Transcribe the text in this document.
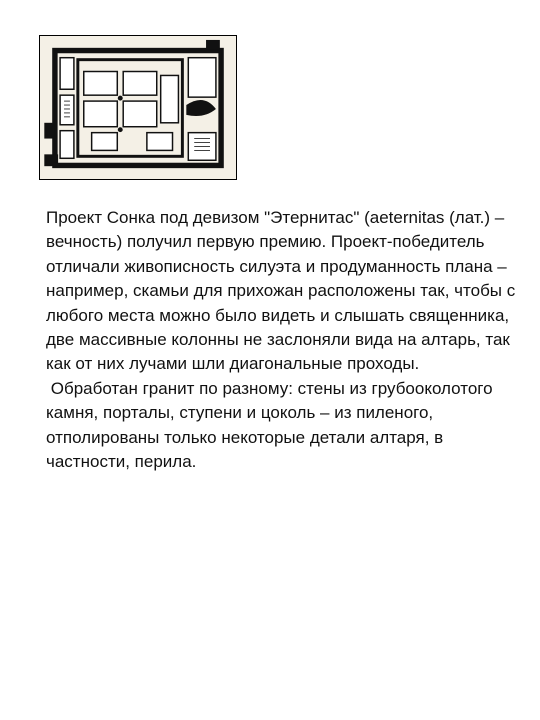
Проект Сонка под девизом "Этернитас" (aeternitas (лат.) – вечность) получил первую премию. Проект-победитель отличали живописность силуэта и продуманность плана – например, скамьи для прихожан расположены так, чтобы с любого места можно было видеть и слышать священника, две массивные колонны не заслоняли вида на алтарь, так как от них лучами шли диагональные проходы.

Обработан гранит по разному: стены из грубооколотого камня, порталы, ступени и цоколь – из пиленого, отполированы только некоторые детали алтаря, в частности, перила.
